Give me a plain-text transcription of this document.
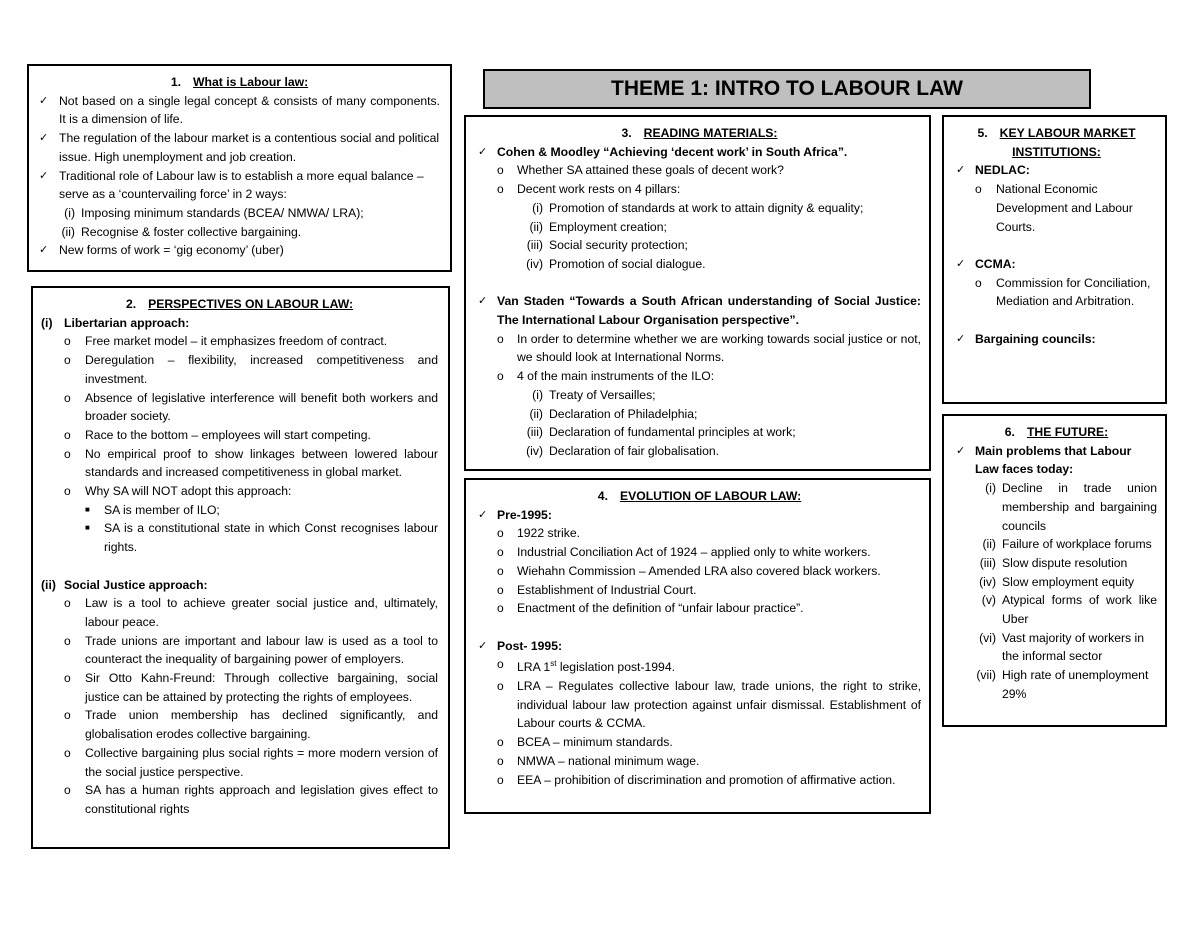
THEME 1: INTRO TO LABOUR LAW
1. What is Labour law:
✓ Not based on a single legal concept & consists of many components. It is a dimension of life.
✓ The regulation of the labour market is a contentious social and political issue. High unemployment and job creation.
✓ Traditional role of Labour law is to establish a more equal balance – serve as a ‘countervailing force’ in 2 ways:
(i) Imposing minimum standards (BCEA/ NMWA/ LRA);
(ii) Recognise & foster collective bargaining.
✓ New forms of work = ‘gig economy’ (uber)
2. PERSPECTIVES ON LABOUR LAW:
(i) Libertarian approach:
o	Free market model – it emphasizes freedom of contract.
o	Deregulation – flexibility, increased competitiveness and investment.
o	Absence of legislative interference will benefit both workers and broader society.
o	Race to the bottom – employees will start competing.
o	No empirical proof to show linkages between lowered labour standards and increased competitiveness in global market.
o	Why SA will NOT adopt this approach:
■	SA is member of ILO;
■	SA is a constitutional state in which Const recognises labour rights.
(ii) Social Justice approach:
o	Law is a tool to achieve greater social justice and, ultimately, labour peace.
o	Trade unions are important and labour law is used as a tool to counteract the inequality of bargaining power of employers.
o	Sir Otto Kahn-Freund: Through collective bargaining, social justice can be attained by protecting the rights of employees.
o	Trade union membership has declined significantly, and globalisation erodes collective bargaining.
o	Collective bargaining plus social rights = more modern version of the social justice perspective.
o	SA has a human rights approach and legislation gives effect to constitutional rights
3. READING MATERIALS:
✓ Cohen & Moodley “Achieving ‘decent work’ in South Africa”.
o	Whether SA attained these goals of decent work?
o	Decent work rests on 4 pillars:
(i) Promotion of standards at work to attain dignity & equality;
(ii) Employment creation;
(iii) Social security protection;
(iv) Promotion of social dialogue.
✓ Van Staden “Towards a South African understanding of Social Justice: The International Labour Organisation perspective”.
o	In order to determine whether we are working towards social justice or not, we should look at International Norms.
o	4 of the main instruments of the ILO:
(i) Treaty of Versailles;
(ii) Declaration of Philadelphia;
(iii) Declaration of fundamental principles at work;
(iv) Declaration of fair globalisation.
4. EVOLUTION OF LABOUR LAW:
✓ Pre-1995:
o	1922 strike.
o	Industrial Conciliation Act of 1924 – applied only to white workers.
o	Wiehahn Commission – Amended LRA also covered black workers.
o	Establishment of Industrial Court.
o	Enactment of the definition of “unfair labour practice”.
✓ Post- 1995:
o	LRA 1st legislation post-1994.
o	LRA – Regulates collective labour law, trade unions, the right to strike, individual labour law protection against unfair dismissal. Establishment of Labour courts & CCMA.
o	BCEA – minimum standards.
o	NMWA – national minimum wage.
o	EEA – prohibition of discrimination and promotion of affirmative action.
5. KEY LABOUR MARKET INSTITUTIONS:
✓ NEDLAC:
o	National Economic Development and Labour Courts.
✓ CCMA:
o	Commission for Conciliation, Mediation and Arbitration.
✓ Bargaining councils:
6. THE FUTURE:
✓ Main problems that Labour Law faces today:
(i) Decline in trade union membership and bargaining councils
(ii) Failure of workplace forums
(iii) Slow dispute resolution
(iv) Slow employment equity
(v) Atypical forms of work like Uber
(vi) Vast majority of workers in the informal sector
(vii) High rate of unemployment 29%
